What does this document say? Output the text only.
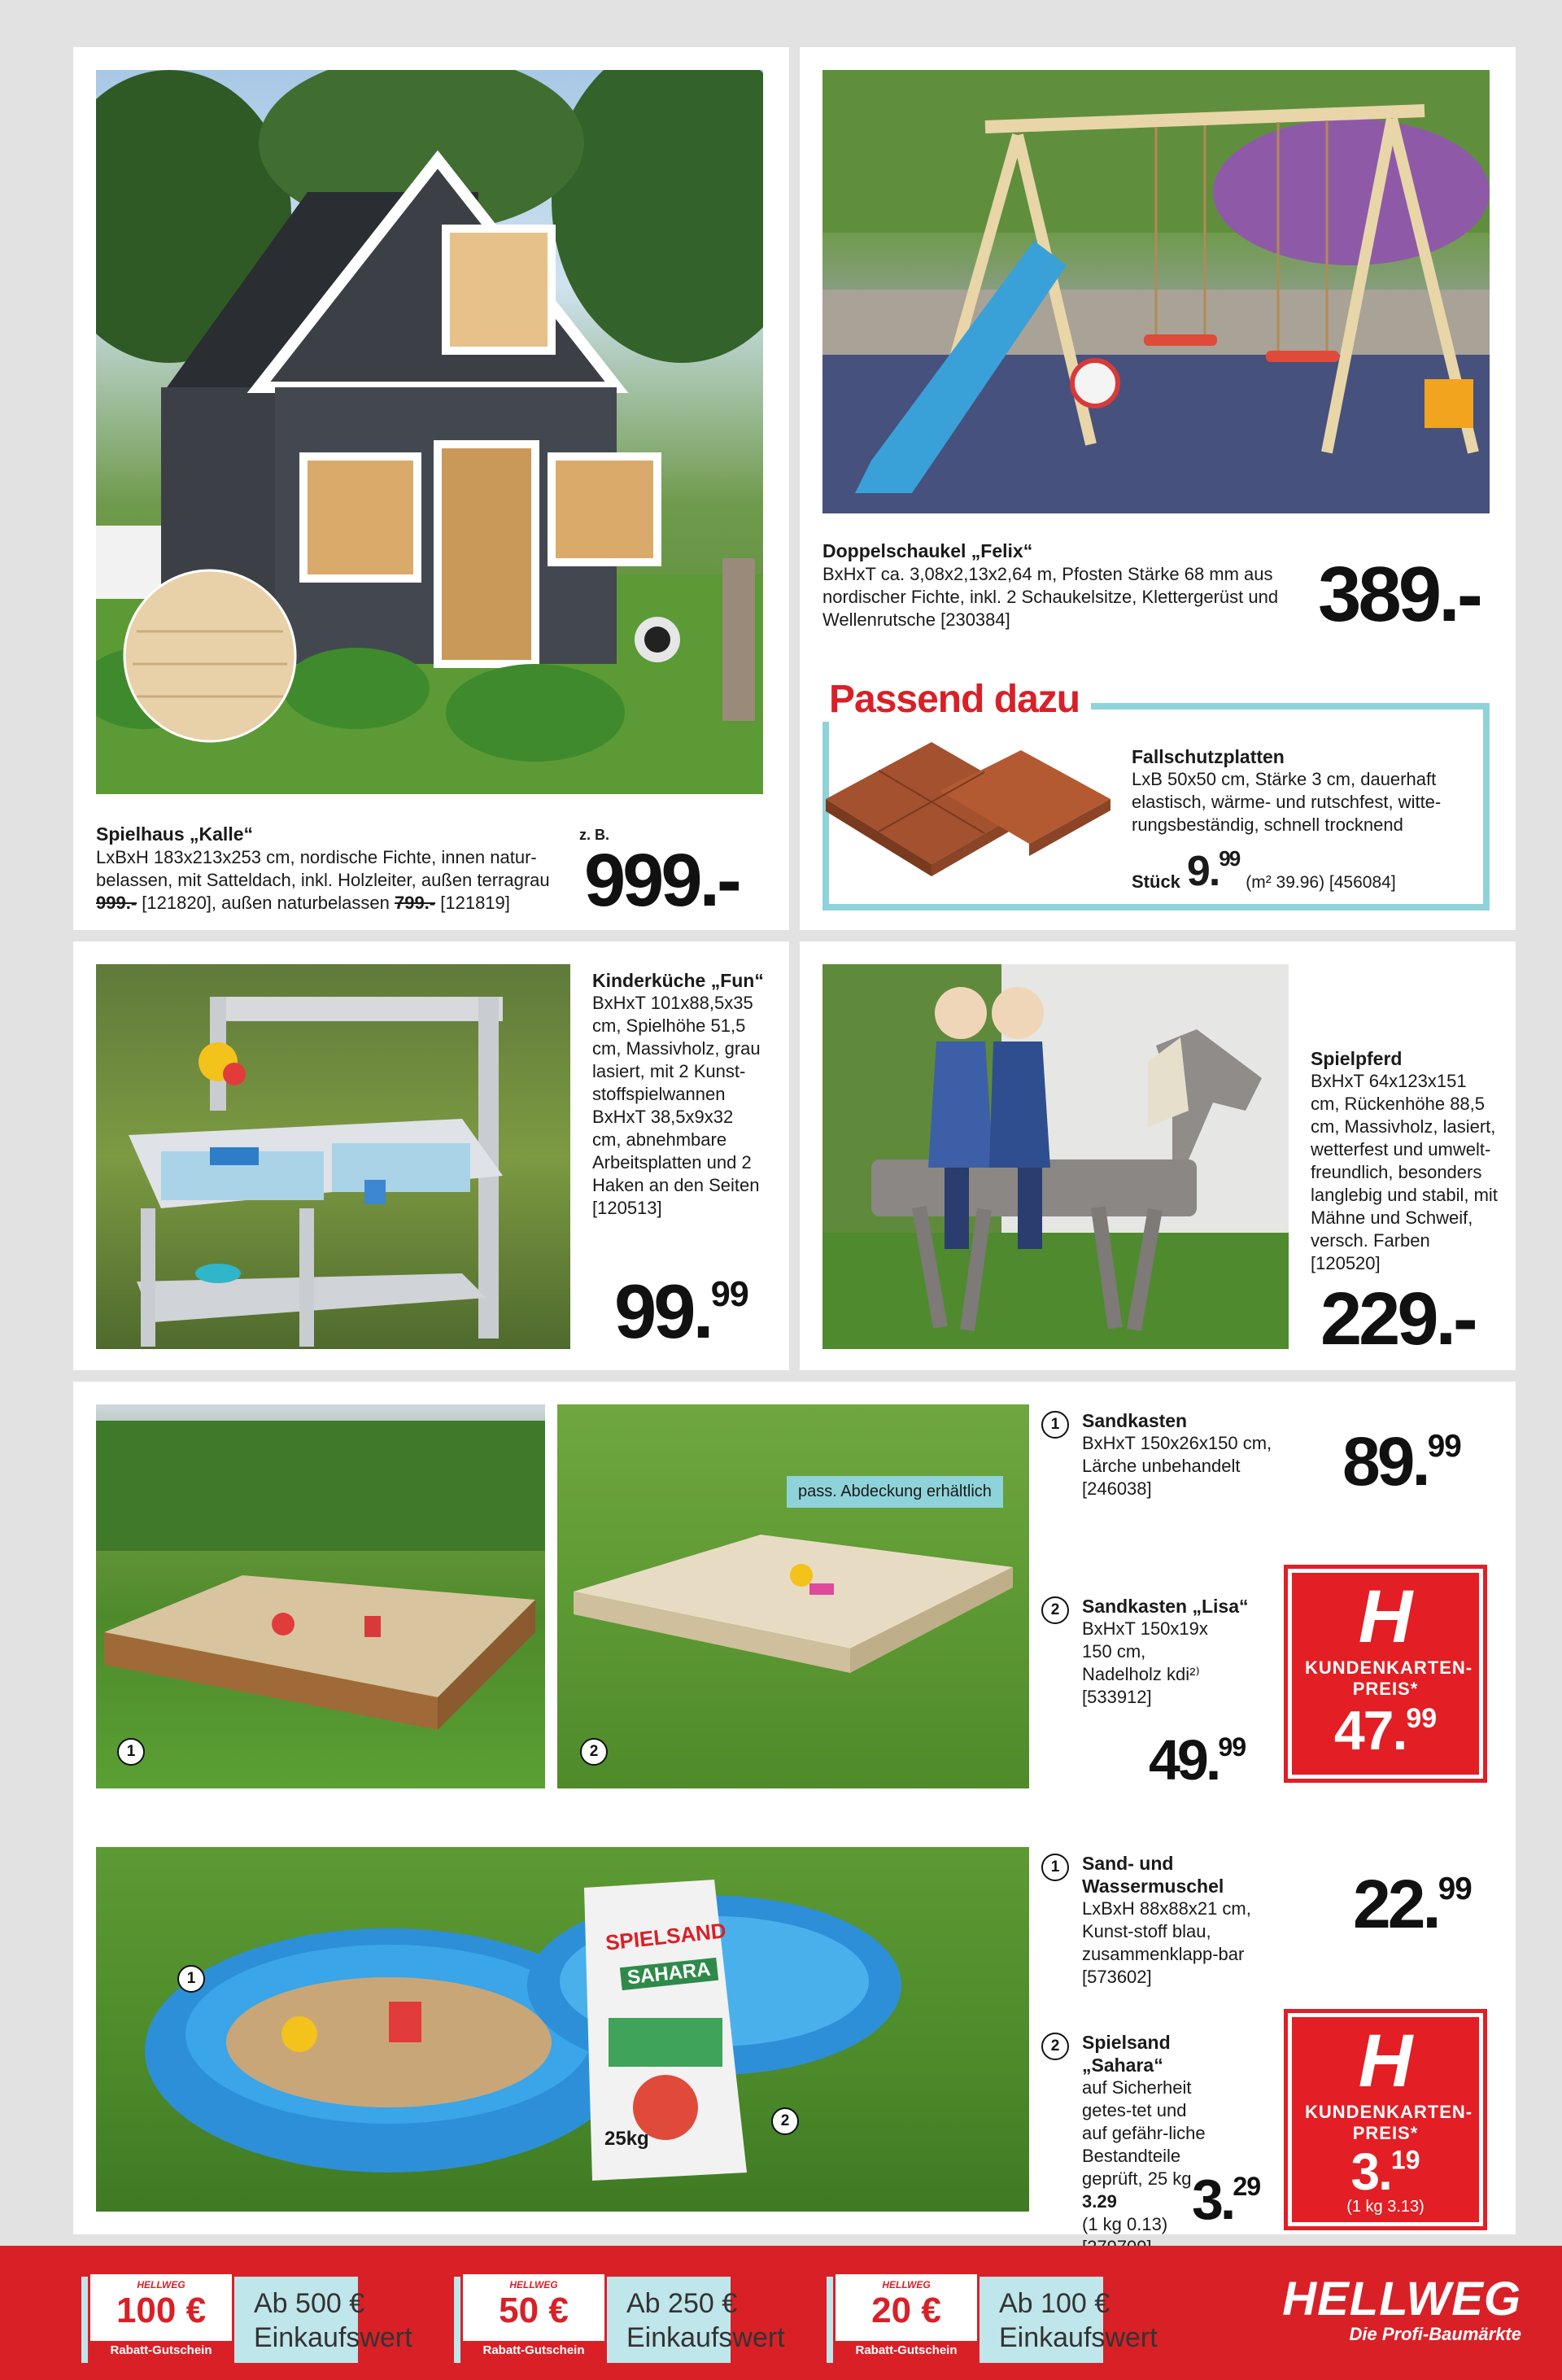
Spielhaus „Kalle“
LxBxH 183x213x253 cm, nordische Fichte, innen natur-belassen, mit Satteldach, inkl. Holzleiter, außen terragrau 999.- [121820], außen naturbelassen 799.- [121819]
z. B.
999.-
Doppelschaukel „Felix“
BxHxT ca. 3,08x2,13x2,64 m, Pfosten Stärke 68 mm aus nordischer Fichte, inkl. 2 Schaukelsitze, Klettergerüst und Wellenrutsche [230384]	389.-
Passend dazu
Fallschutzplatten
LxB 50x50 cm, Stärke 3 cm, dauerhaft elastisch, wärme- und rutschfest, witte-rungsbeständig, schnell trocknend
Stück 9.99
(m² 39.96) [456084]
Kinderküche „Fun“
BxHxT 101x88,5x35 cm, Spielhöhe 51,5 cm, Massivholz, grau lasiert, mit 2 Kunst-stoffspielwannen BxHxT 38,5x9x32 cm, abnehmbare Arbeitsplatten und 2 Haken an den Seiten [120513]
99.99
Spielpferd
BxHxT 64x123x151 cm, Rückenhöhe 88,5 cm, Massivholz, lasiert, wetterfest und umwelt-freundlich, besonders langlebig und stabil, mit Mähne und Schweif, versch. Farben [120520]
229.-
1
pass. Abdeckung erhältlich
2
1	Sandkasten
BxHxT 150x26x150 cm, Lärche unbehandelt [246038]	89.99
2	Sandkasten „Lisa“
BxHxT 150x19x 150 cm, Nadelholz kdi²⁾ [533912]
49.99
H
KUNDENKARTEN-PREIS*
47.99
SPIELSAND
SAHARA
25kg
1
2
1	Sand- und Wassermuschel
LxBxH 88x88x21 cm, Kunst-stoff blau, zusammenklapp-bar [573602]
22.99
2	Spielsand „Sahara“
auf Sicherheit getes-tet und auf gefähr-liche Bestandteile geprüft, 25 kg
3.29
(1 kg 0.13) 3.29
H
KUNDENKARTEN-PREIS*
3.19
(1 kg 3.13)
HELLWEG
100 €
Rabatt-Gutschein
Ab 500 €
Einkaufswert
HELLWEG
50 €
Rabatt-Gutschein
Ab 250 €
Einkaufswert
HELLWEG
20 €
Rabatt-Gutschein
Ab 100 €
Einkaufswert
HELLWEG
Die Profi-Baumärkte
